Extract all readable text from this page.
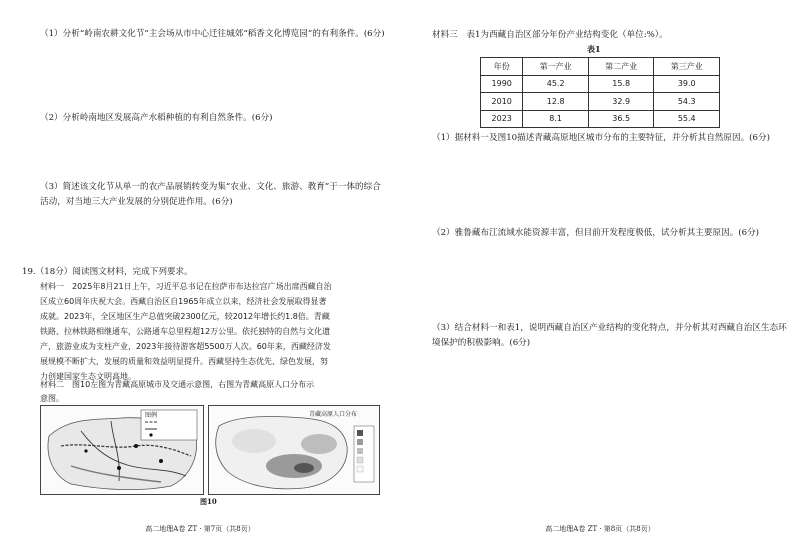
（1）分析“岭南农耕文化节”主会场从市中心迁往城郊“稻香文化博览园”的有利条件。(6分)

（2）分析岭南地区发展高产水稻种植的有利自然条件。(6分)

（3）简述该文化节从单一的农产品展销转变为集“农业、文化、旅游、教育”于一体的综合活动，对当地三大产业发展的分别促进作用。(6分)

19.（18分）阅读图文材料，完成下列要求。

材料一　2025年8月21日上午，习近平总书记在拉萨市布达拉宫广场出席西藏自治

区成立60周年庆祝大会。西藏自治区自1965年成立以来，经济社会发展取得显著

成就。2023年，全区地区生产总值突破2300亿元，较2012年增长约1.8倍。青藏

铁路、拉林铁路相继通车，公路通车总里程超12万公里。依托独特的自然与文化遗

产，旅游业成为支柱产业，2023年接待游客超5500万人次。60年来，西藏经济发

展规模不断扩大，发展的质量和效益明显提升。西藏坚持生态优先、绿色发展，努

力创建国家生态文明高地。

材料二　图10左图为青藏高原城市及交通示意图，右图为青藏高原人口分布示

意图。

图例	青藏高原人口分布
图10
高二地理A卷 ZT · 第7页（共8页）

材料三　表1为西藏自治区部分年份产业结构变化（单位:%）。

表1
年份	第一产业	第二产业	第三产业
1990	45.2	15.8	39.0
2010	12.8	32.9	54.3
2023	8.1	36.5	55.4

（1）据材料一及图10描述青藏高原地区城市分布的主要特征，并分析其自然原因。(6分)

（2）雅鲁藏布江流域水能资源丰富，但目前开发程度极低，试分析其主要原因。(6分)

（3）结合材料一和表1，说明西藏自治区产业结构的变化特点，并分析其对西藏自治区生态环境保护的积极影响。(6分)

高二地理A卷 ZT · 第8页（共8页）
